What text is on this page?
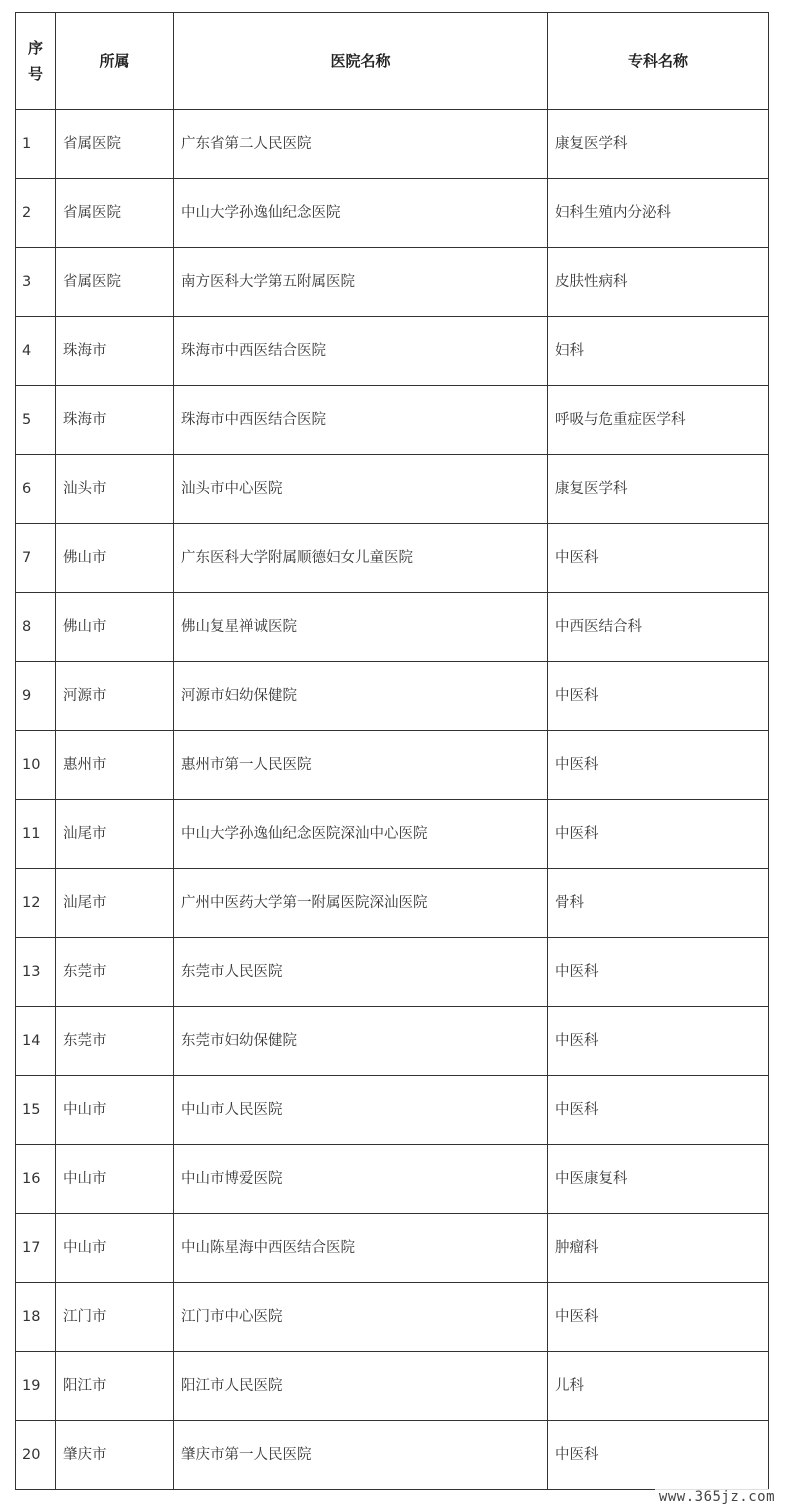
序
号	所属	医院名称	专科名称
1	省属医院	广东省第二人民医院	康复医学科
2	省属医院	中山大学孙逸仙纪念医院	妇科生殖内分泌科
3	省属医院	南方医科大学第五附属医院	皮肤性病科
4	珠海市	珠海市中西医结合医院	妇科
5	珠海市	珠海市中西医结合医院	呼吸与危重症医学科
6	汕头市	汕头市中心医院	康复医学科
7	佛山市	广东医科大学附属顺德妇女儿童医院	中医科
8	佛山市	佛山复星禅诚医院	中西医结合科
9	河源市	河源市妇幼保健院	中医科
10	惠州市	惠州市第一人民医院	中医科
11	汕尾市	中山大学孙逸仙纪念医院深汕中心医院	中医科
12	汕尾市	广州中医药大学第一附属医院深汕医院	骨科
13	东莞市	东莞市人民医院	中医科
14	东莞市	东莞市妇幼保健院	中医科
15	中山市	中山市人民医院	中医科
16	中山市	中山市博爱医院	中医康复科
17	中山市	中山陈星海中西医结合医院	肿瘤科
18	江门市	江门市中心医院	中医科
19	阳江市	阳江市人民医院	儿科
20	肇庆市	肇庆市第一人民医院	中医科
www.365jz.com
